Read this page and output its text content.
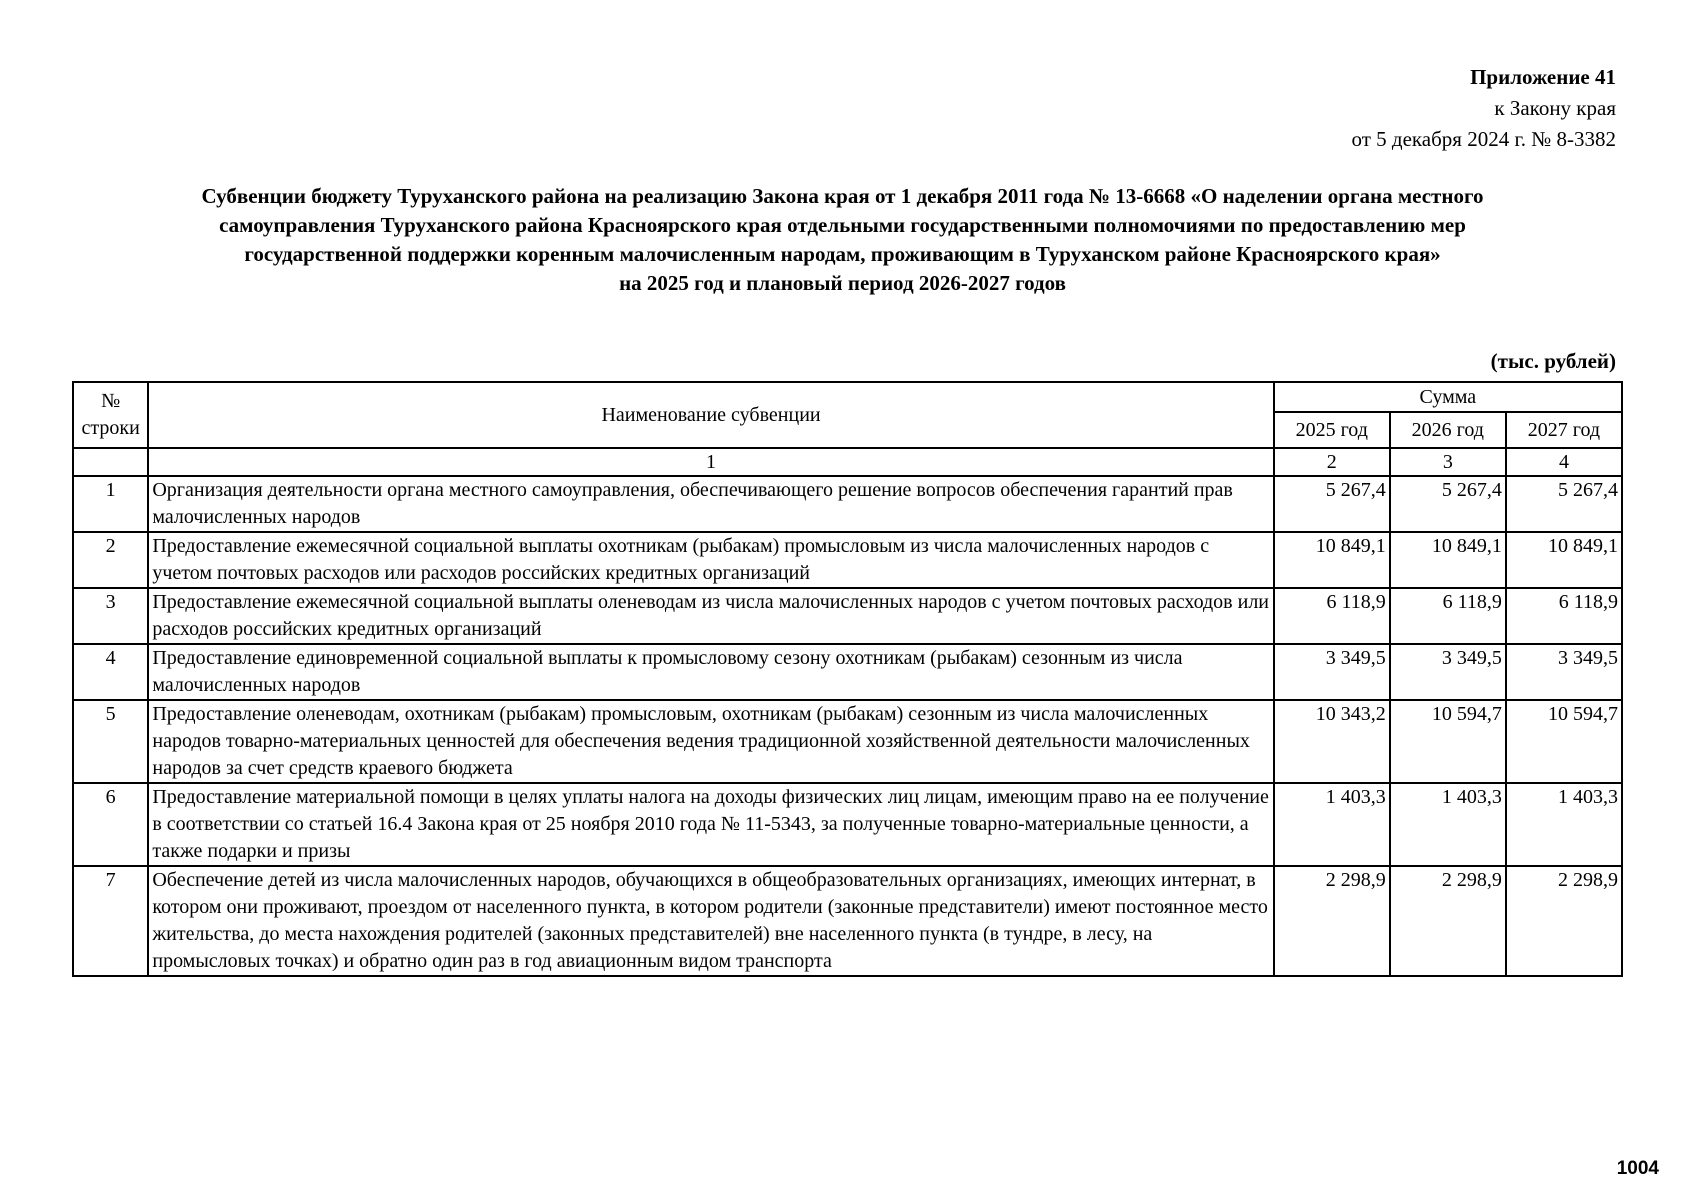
Приложение 41
к Закону края
от 5 декабря 2024 г. № 8-3382
Субвенции бюджету Туруханского района на реализацию Закона края от 1 декабря 2011 года № 13-6668 «О наделении органа местного
самоуправления Туруханского района Красноярского края отдельными государственными полномочиями по предоставлению мер
государственной поддержки коренным малочисленным народам, проживающим в Туруханском районе Красноярского края»
на 2025 год и плановый период 2026-2027 годов
(тыс. рублей)
№ строки	Наименование субвенции	Сумма		
		2025 год	2026 год	2027 год
	1	2	3	4
1	Организация деятельности органа местного самоуправления, обеспечивающего решение вопросов обеспечения гарантий прав малочисленных народов	5 267,4	5 267,4	5 267,4
2	Предоставление ежемесячной социальной выплаты охотникам (рыбакам) промысловым из числа малочисленных народов с учетом почтовых расходов или расходов российских кредитных организаций	10 849,1	10 849,1	10 849,1
3	Предоставление ежемесячной социальной выплаты оленеводам из числа малочисленных народов с учетом почтовых расходов или расходов российских кредитных организаций	6 118,9	6 118,9	6 118,9
4	Предоставление единовременной социальной выплаты к промысловому сезону охотникам (рыбакам) сезонным из числа малочисленных народов	3 349,5	3 349,5	3 349,5
5	Предоставление оленеводам, охотникам (рыбакам) промысловым, охотникам (рыбакам) сезонным из числа малочисленных народов товарно-материальных ценностей для обеспечения ведения традиционной хозяйственной деятельности малочисленных народов за счет средств краевого бюджета	10 343,2	10 594,7	10 594,7
6	Предоставление материальной помощи в целях уплаты налога на доходы физических лиц лицам, имеющим право на ее получение в соответствии со статьей 16.4 Закона края от 25 ноября 2010 года № 11-5343, за полученные товарно-материальные ценности, а также подарки и призы	1 403,3	1 403,3	1 403,3
7	Обеспечение детей из числа малочисленных народов, обучающихся в общеобразовательных организациях, имеющих интернат, в котором они проживают, проездом от населенного пункта, в котором родители (законные представители) имеют постоянное место жительства, до места нахождения родителей (законных представителей) вне населенного пункта (в тундре, в лесу, на промысловых точках) и обратно один раз в год авиационным видом транспорта	2 298,9	2 298,9	2 298,9
1004
